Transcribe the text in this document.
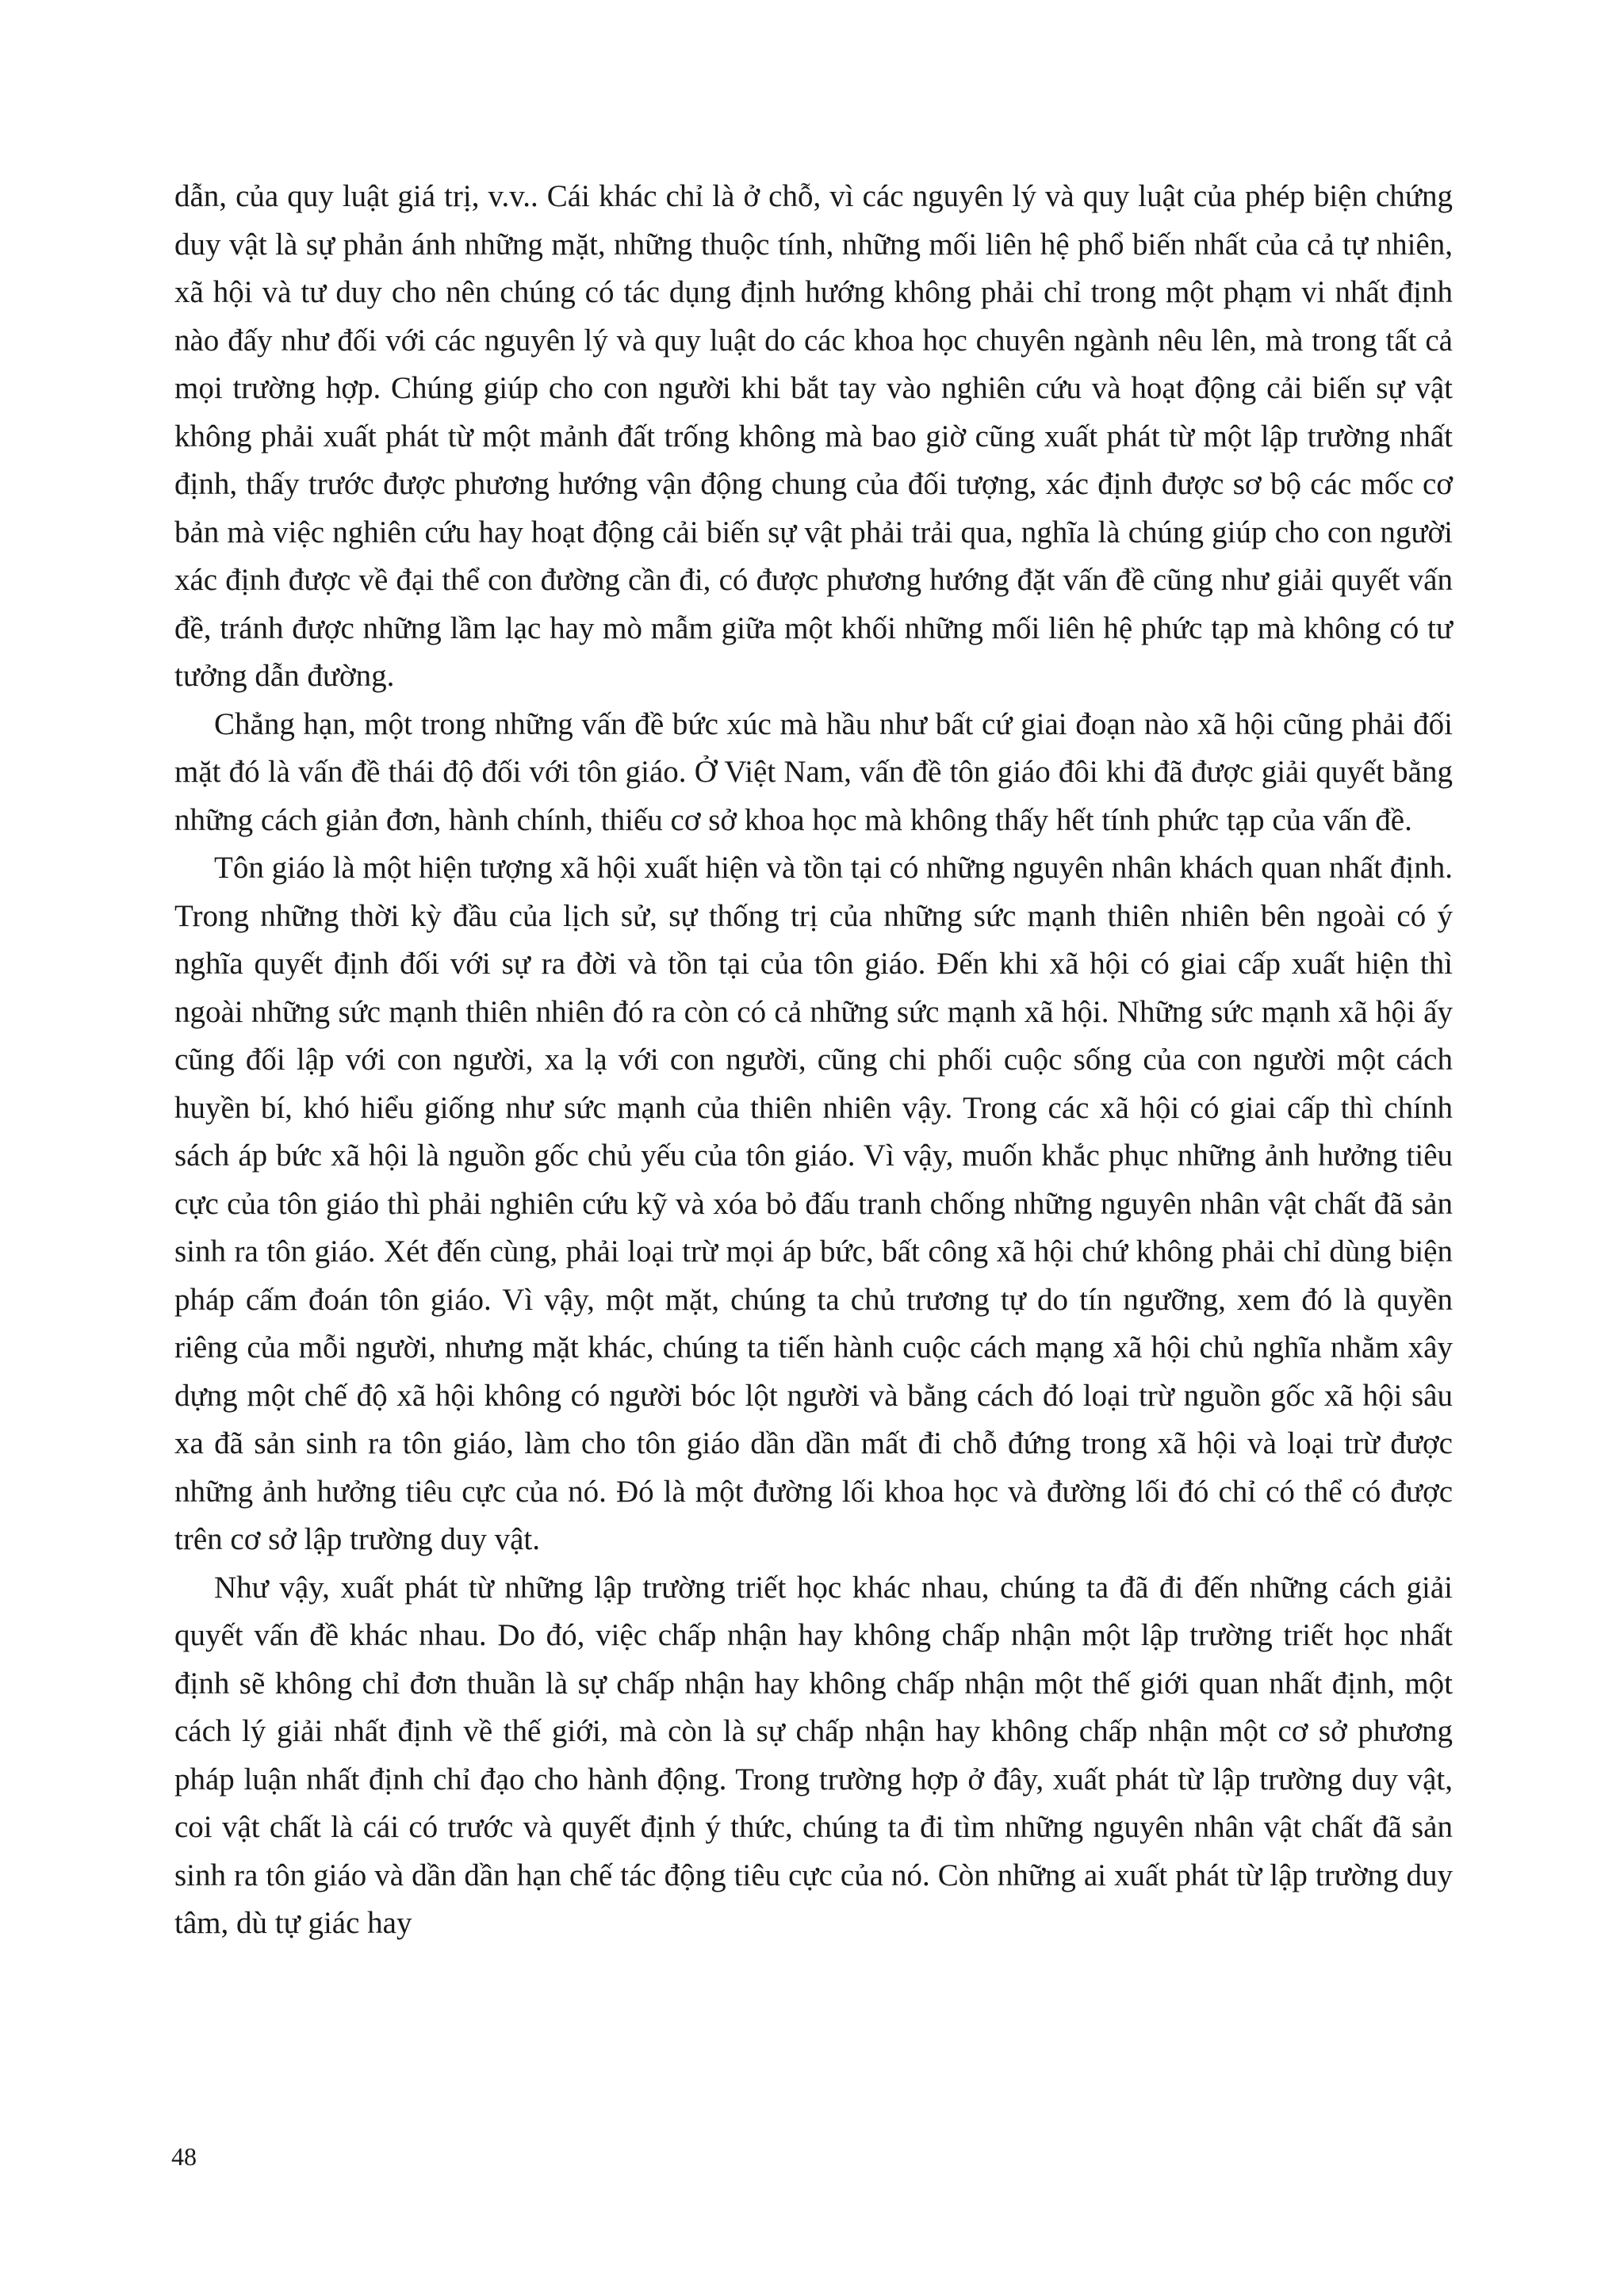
dẫn, của quy luật giá trị, v.v.. Cái khác chỉ là ở chỗ, vì các nguyên lý và quy luật của phép biện chứng duy vật là sự phản ánh những mặt, những thuộc tính, những mối liên hệ phổ biến nhất của cả tự nhiên, xã hội và tư duy cho nên chúng có tác dụng định hướng không phải chỉ trong một phạm vi nhất định nào đấy như đối với các nguyên lý và quy luật do các khoa học chuyên ngành nêu lên, mà trong tất cả mọi trường hợp. Chúng giúp cho con người khi bắt tay vào nghiên cứu và hoạt động cải biến sự vật không phải xuất phát từ một mảnh đất trống không mà bao giờ cũng xuất phát từ một lập trường nhất định, thấy trước được phương hướng vận động chung của đối tượng, xác định được sơ bộ các mốc cơ bản mà việc nghiên cứu hay hoạt động cải biến sự vật phải trải qua, nghĩa là chúng giúp cho con người xác định được về đại thể con đường cần đi, có được phương hướng đặt vấn đề cũng như giải quyết vấn đề, tránh được những lầm lạc hay mò mẫm giữa một khối những mối liên hệ phức tạp mà không có tư tưởng dẫn đường.

Chẳng hạn, một trong những vấn đề bức xúc mà hầu như bất cứ giai đoạn nào xã hội cũng phải đối mặt đó là vấn đề thái độ đối với tôn giáo. Ở Việt Nam, vấn đề tôn giáo đôi khi đã được giải quyết bằng những cách giản đơn, hành chính, thiếu cơ sở khoa học mà không thấy hết tính phức tạp của vấn đề.

Tôn giáo là một hiện tượng xã hội xuất hiện và tồn tại có những nguyên nhân khách quan nhất định. Trong những thời kỳ đầu của lịch sử, sự thống trị của những sức mạnh thiên nhiên bên ngoài có ý nghĩa quyết định đối với sự ra đời và tồn tại của tôn giáo. Đến khi xã hội có giai cấp xuất hiện thì ngoài những sức mạnh thiên nhiên đó ra còn có cả những sức mạnh xã hội. Những sức mạnh xã hội ấy cũng đối lập với con người, xa lạ với con người, cũng chi phối cuộc sống của con người một cách huyền bí, khó hiểu giống như sức mạnh của thiên nhiên vậy. Trong các xã hội có giai cấp thì chính sách áp bức xã hội là nguồn gốc chủ yếu của tôn giáo. Vì vậy, muốn khắc phục những ảnh hưởng tiêu cực của tôn giáo thì phải nghiên cứu kỹ và xóa bỏ đấu tranh chống những nguyên nhân vật chất đã sản sinh ra tôn giáo. Xét đến cùng, phải loại trừ mọi áp bức, bất công xã hội chứ không phải chỉ dùng biện pháp cấm đoán tôn giáo. Vì vậy, một mặt, chúng ta chủ trương tự do tín ngưỡng, xem đó là quyền riêng của mỗi người, nhưng mặt khác, chúng ta tiến hành cuộc cách mạng xã hội chủ nghĩa nhằm xây dựng một chế độ xã hội không có người bóc lột người và bằng cách đó loại trừ nguồn gốc xã hội sâu xa đã sản sinh ra tôn giáo, làm cho tôn giáo dần dần mất đi chỗ đứng trong xã hội và loại trừ được những ảnh hưởng tiêu cực của nó. Đó là một đường lối khoa học và đường lối đó chỉ có thể có được trên cơ sở lập trường duy vật.

Như vậy, xuất phát từ những lập trường triết học khác nhau, chúng ta đã đi đến những cách giải quyết vấn đề khác nhau. Do đó, việc chấp nhận hay không chấp nhận một lập trường triết học nhất định sẽ không chỉ đơn thuần là sự chấp nhận hay không chấp nhận một thế giới quan nhất định, một cách lý giải nhất định về thế giới, mà còn là sự chấp nhận hay không chấp nhận một cơ sở phương pháp luận nhất định chỉ đạo cho hành động. Trong trường hợp ở đây, xuất phát từ lập trường duy vật, coi vật chất là cái có trước và quyết định ý thức, chúng ta đi tìm những nguyên nhân vật chất đã sản sinh ra tôn giáo và dần dần hạn chế tác động tiêu cực của nó. Còn những ai xuất phát từ lập trường duy tâm, dù tự giác hay

48
